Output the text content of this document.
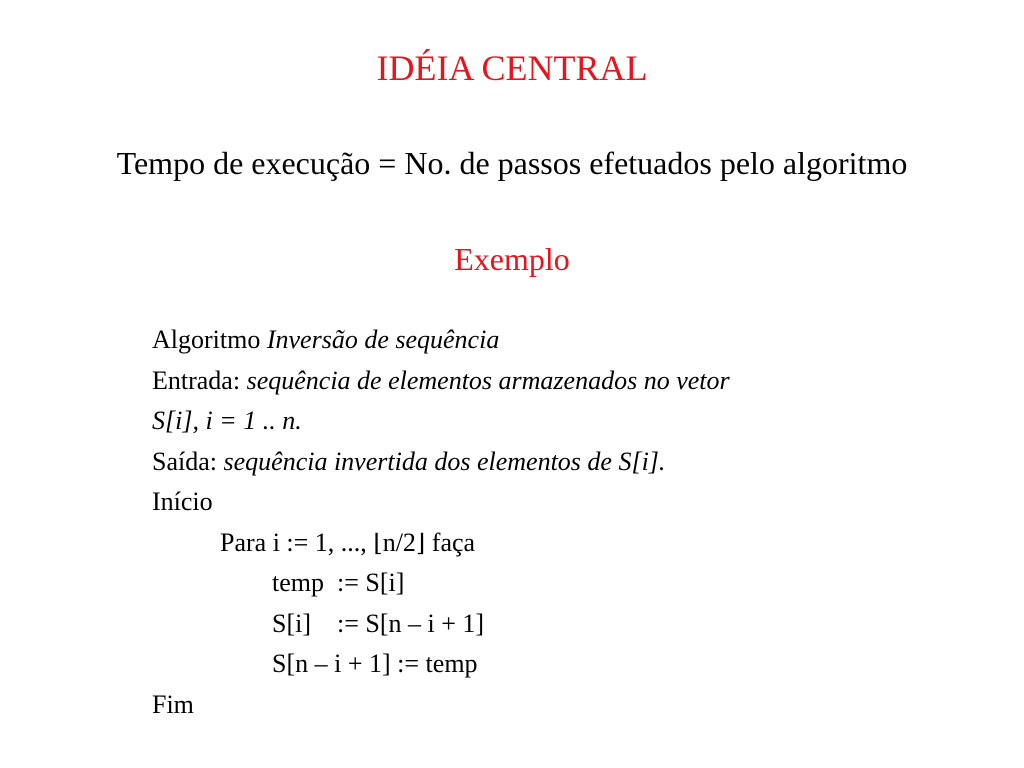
IDÉIA CENTRAL
Tempo de execução = No. de passos efetuados pelo algoritmo
Exemplo
Algoritmo Inversão de sequência
Entrada: sequência de elementos armazenados no vetor
S[i], i = 1 .. n.
Saída: sequência invertida dos elementos de S[i].
Início
Para i := 1, ..., ⌊n/2⌋ faça
temp  := S[i]
S[i]    := S[n – i + 1]
S[n – i + 1] := temp
Fim
